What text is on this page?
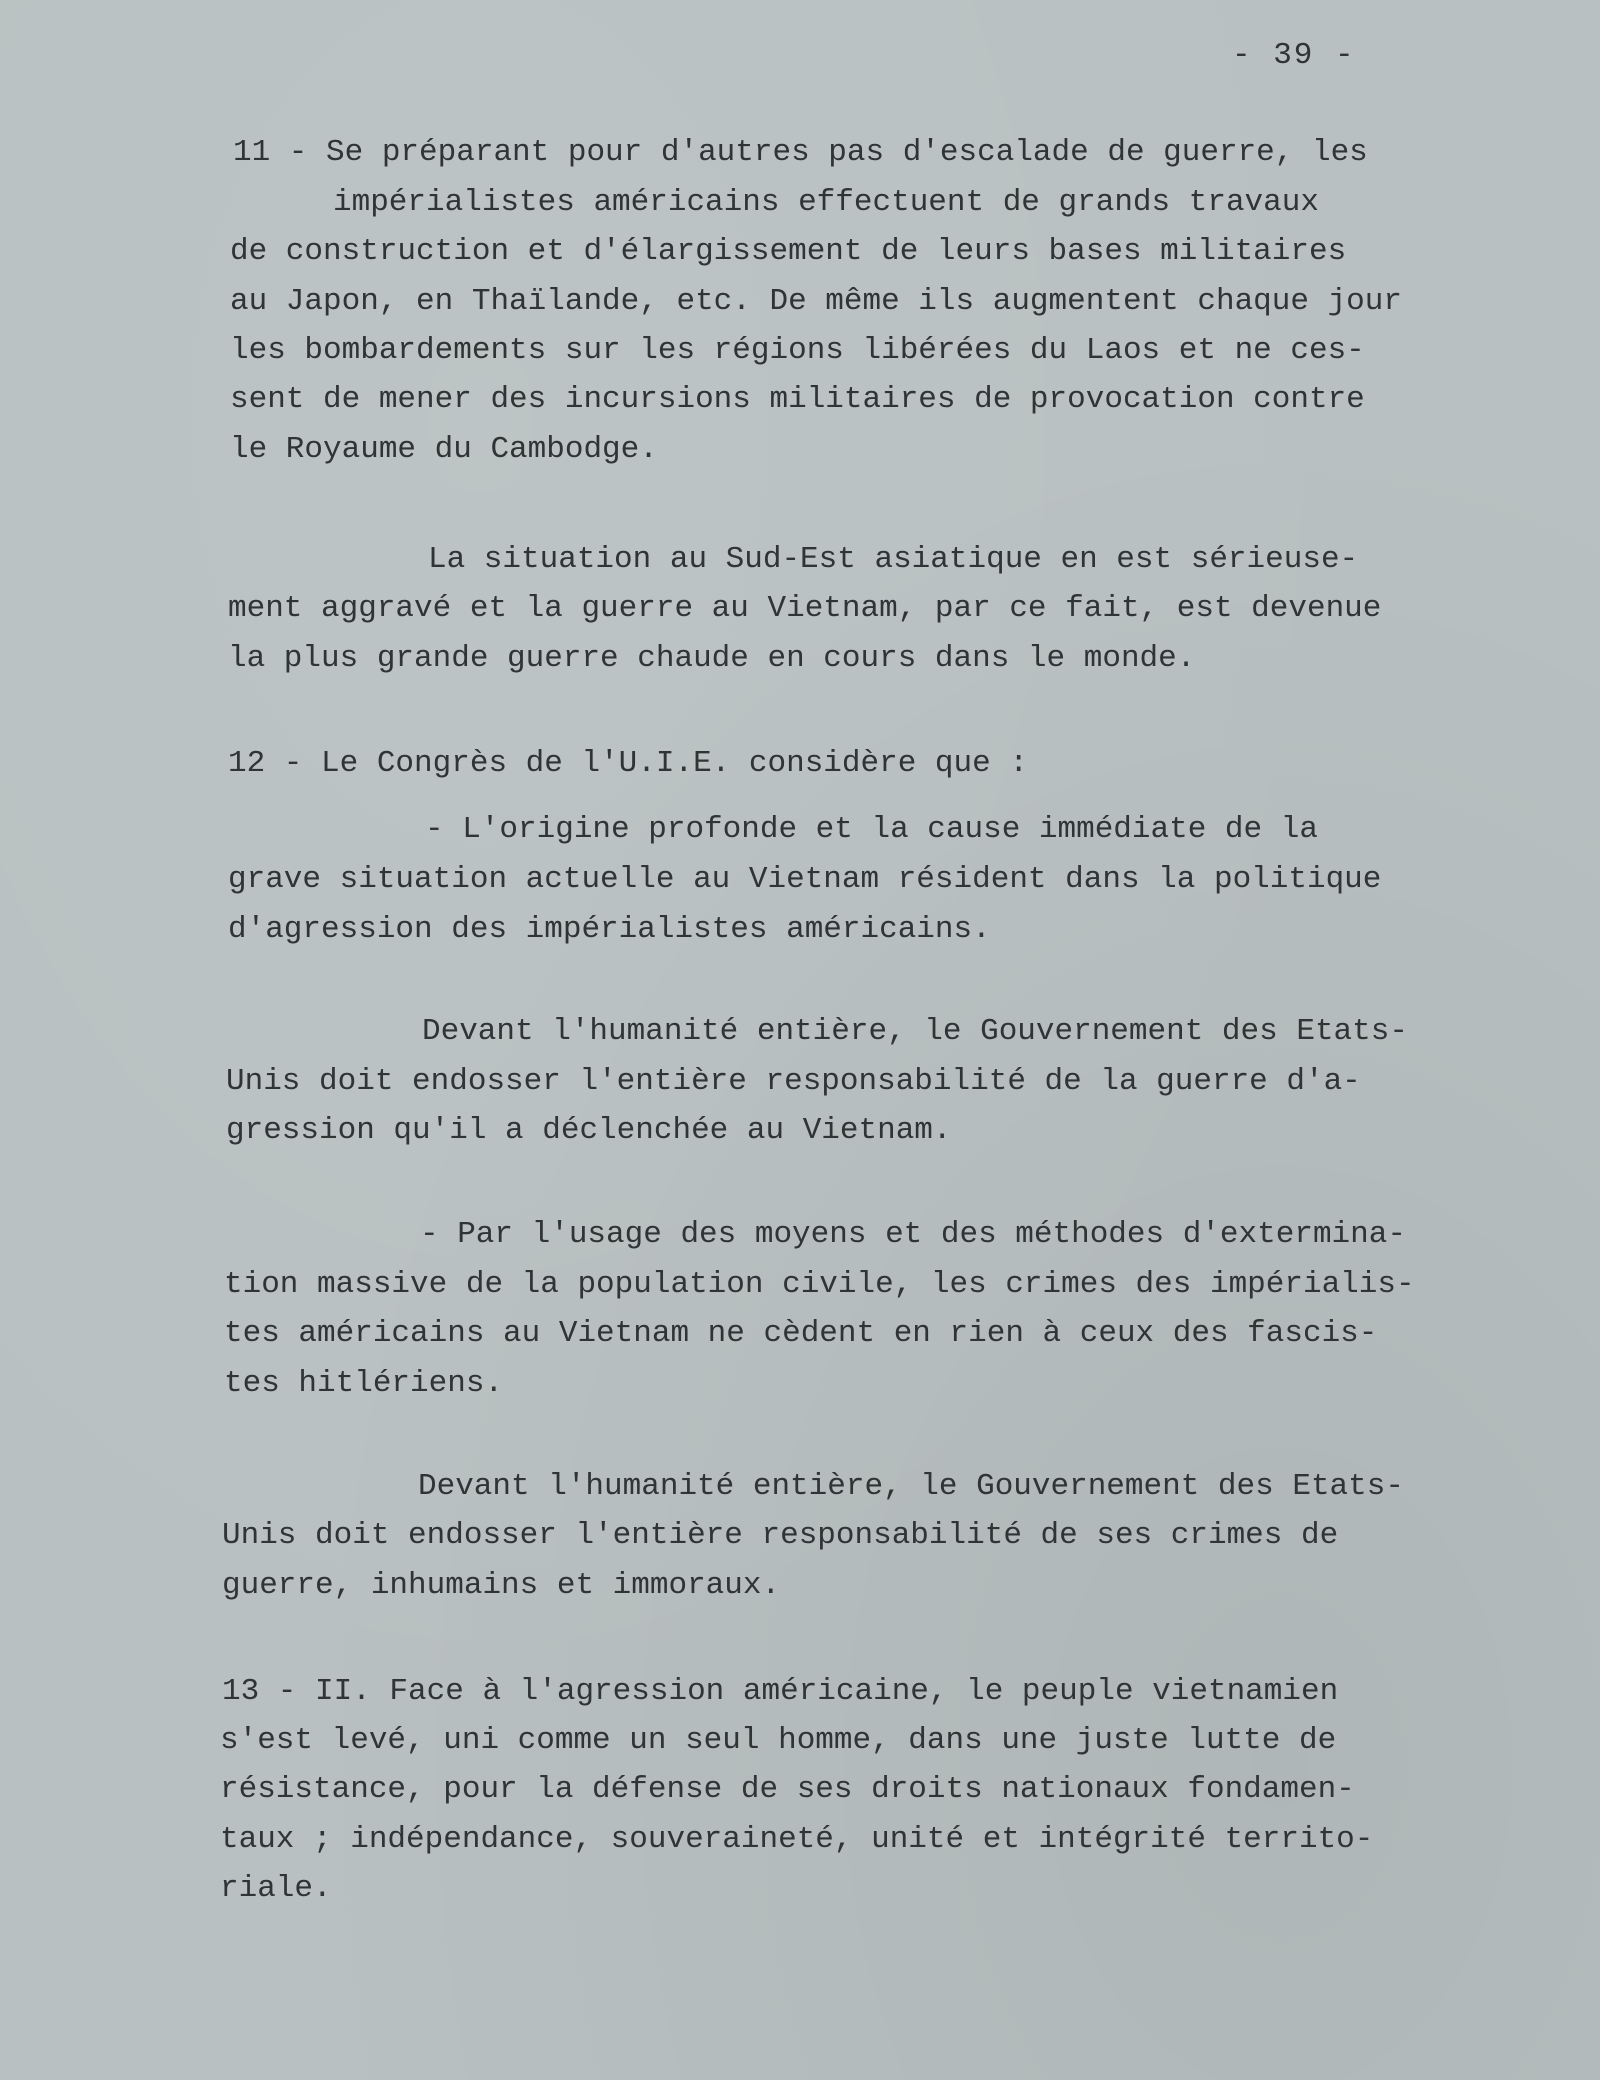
- 39 -

11 - Se préparant pour d'autres pas d'escalade de guerre, les

impérialistes américains effectuent de grands travaux

de construction et d'élargissement de leurs bases militaires

au Japon, en Thaïlande, etc. De même ils augmentent chaque jour

les bombardements sur les régions libérées du Laos et ne ces-

sent de mener des incursions militaires de provocation contre

le Royaume du Cambodge.

La situation au Sud-Est asiatique en est sérieuse-

ment aggravé et la guerre au Vietnam, par ce fait, est devenue

la plus grande guerre chaude en cours dans le monde.

12 - Le Congrès de l'U.I.E. considère que :

- L'origine profonde et la cause immédiate de la

grave situation actuelle au Vietnam résident dans la politique

d'agression des impérialistes américains.

Devant l'humanité entière, le Gouvernement des Etats-

Unis doit endosser l'entière responsabilité de la guerre d'a-

gression qu'il a déclenchée au Vietnam.

- Par l'usage des moyens et des méthodes d'extermina-

tion massive de la population civile, les crimes des impérialis-

tes américains au Vietnam ne cèdent en rien à ceux des fascis-

tes hitlériens.

Devant l'humanité entière, le Gouvernement des Etats-

Unis doit endosser l'entière responsabilité de ses crimes de

guerre, inhumains et immoraux.

13 - II. Face à l'agression américaine, le peuple vietnamien

s'est levé, uni comme un seul homme, dans une juste lutte de

résistance, pour la défense de ses droits nationaux fondamen-

taux ; indépendance, souveraineté, unité et intégrité territo-

riale.
